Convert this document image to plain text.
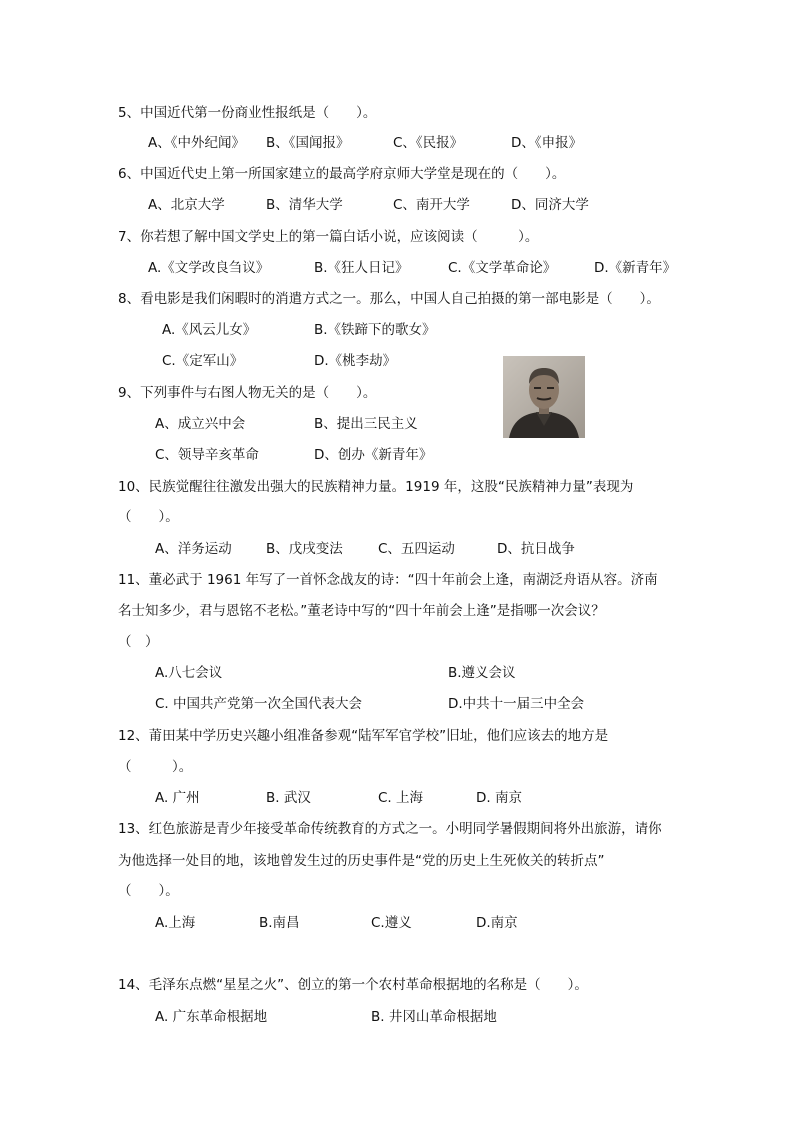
5、中国近代第一份商业性报纸是（　　）。
A、《中外纪闻》 B、《国闻报》	C、《民报》	D、《申报》
6、中国近代史上第一所国家建立的最高学府京师大学堂是现在的（　　）。
A、北京大学	B、清华大学	C、南开大学	D、同济大学
7、你若想了解中国文学史上的第一篇白话小说，应该阅读（　　　）。
A.《文学改良刍议》	B.《狂人日记》	C.《文学革命论》	D.《新青年》
8、看电影是我们闲暇时的消遣方式之一。那么，中国人自己拍摄的第一部电影是（　　）。
A.《风云儿女》	B.《铁蹄下的歌女》
C.《定军山》	D.《桃李劫》
9、下列事件与右图人物无关的是（　　）。
A、成立兴中会	B、提出三民主义
C、领导辛亥革命	D、创办《新青年》
10、民族觉醒往往激发出强大的民族精神力量。1919 年，这股“民族精神力量”表现为
（　　）。
A、洋务运动	B、戊戌变法	C、五四运动	D、抗日战争
11、董必武于 1961 年写了一首怀念战友的诗：“四十年前会上逢，南湖泛舟语从容。济南
名士知多少，君与恩铭不老松。”董老诗中写的“四十年前会上逢”是指哪一次会议？
（　）
A.八七会议	B.遵义会议
C. 中国共产党第一次全国代表大会	D.中共十一届三中全会
12、莆田某中学历史兴趣小组准备参观“陆军军官学校”旧址，他们应该去的地方是
（　　　）。
A. 广州	B. 武汉	C. 上海	D. 南京
13、红色旅游是青少年接受革命传统教育的方式之一。小明同学暑假期间将外出旅游，请你
为他选择一处目的地，该地曾发生过的历史事件是“党的历史上生死攸关的转折点”
（　　）。
A.上海	B.南昌	C.遵义	D.南京
14、毛泽东点燃“星星之火”、创立的第一个农村革命根据地的名称是（　　）。
A. 广东革命根据地	B. 井冈山革命根据地
